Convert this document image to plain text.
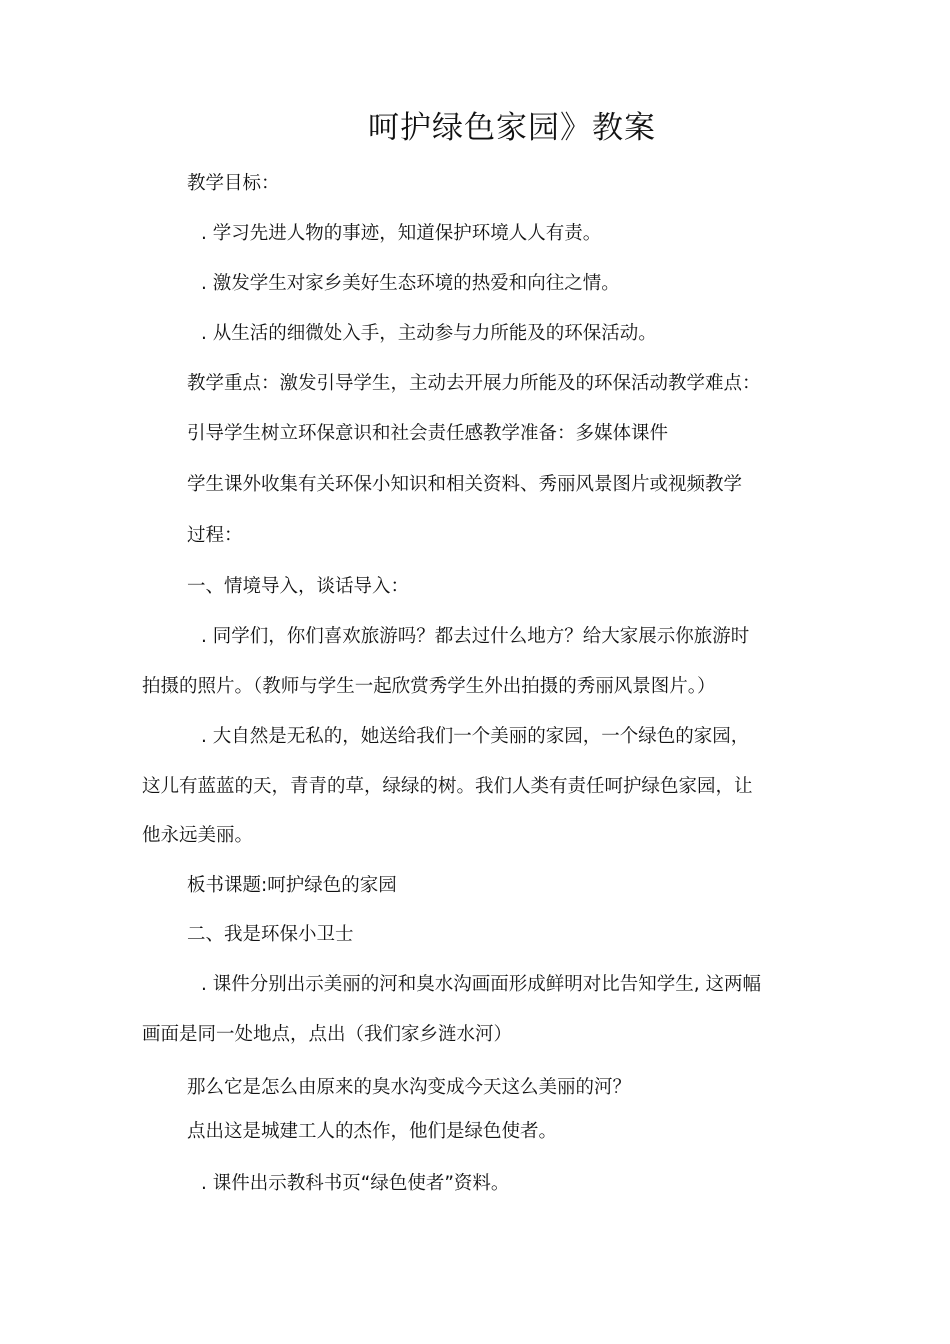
呵护绿色家园》教案
教学目标：
. 学习先进人物的事迹，知道保护环境人人有责。
. 激发学生对家乡美好生态环境的热爱和向往之情。
. 从生活的细微处入手，主动参与力所能及的环保活动。
教学重点：激发引导学生，主动去开展力所能及的环保活动教学难点：
引导学生树立环保意识和社会责任感教学准备：多媒体课件
学生课外收集有关环保小知识和相关资料、秀丽风景图片或视频教学
过程：
一、情境导入，谈话导入：
. 同学们，你们喜欢旅游吗？都去过什么地方？给大家展示你旅游时
拍摄的照片。（教师与学生一起欣赏秀学生外出拍摄的秀丽风景图片。）
. 大自然是无私的，她送给我们一个美丽的家园，一个绿色的家园，
这儿有蓝蓝的天，青青的草，绿绿的树。我们人类有责任呵护绿色家园，让
他永远美丽。
板书课题:呵护绿色的家园
二、我是环保小卫士
. 课件分别出示美丽的河和臭水沟画面形成鲜明对比告知学生, 这两幅
画面是同一处地点，点出（我们家乡涟水河）
那么它是怎么由原来的臭水沟变成今天这么美丽的河？
点出这是城建工人的杰作，他们是绿色使者。
. 课件出示教科书页“绿色使者”资料。
